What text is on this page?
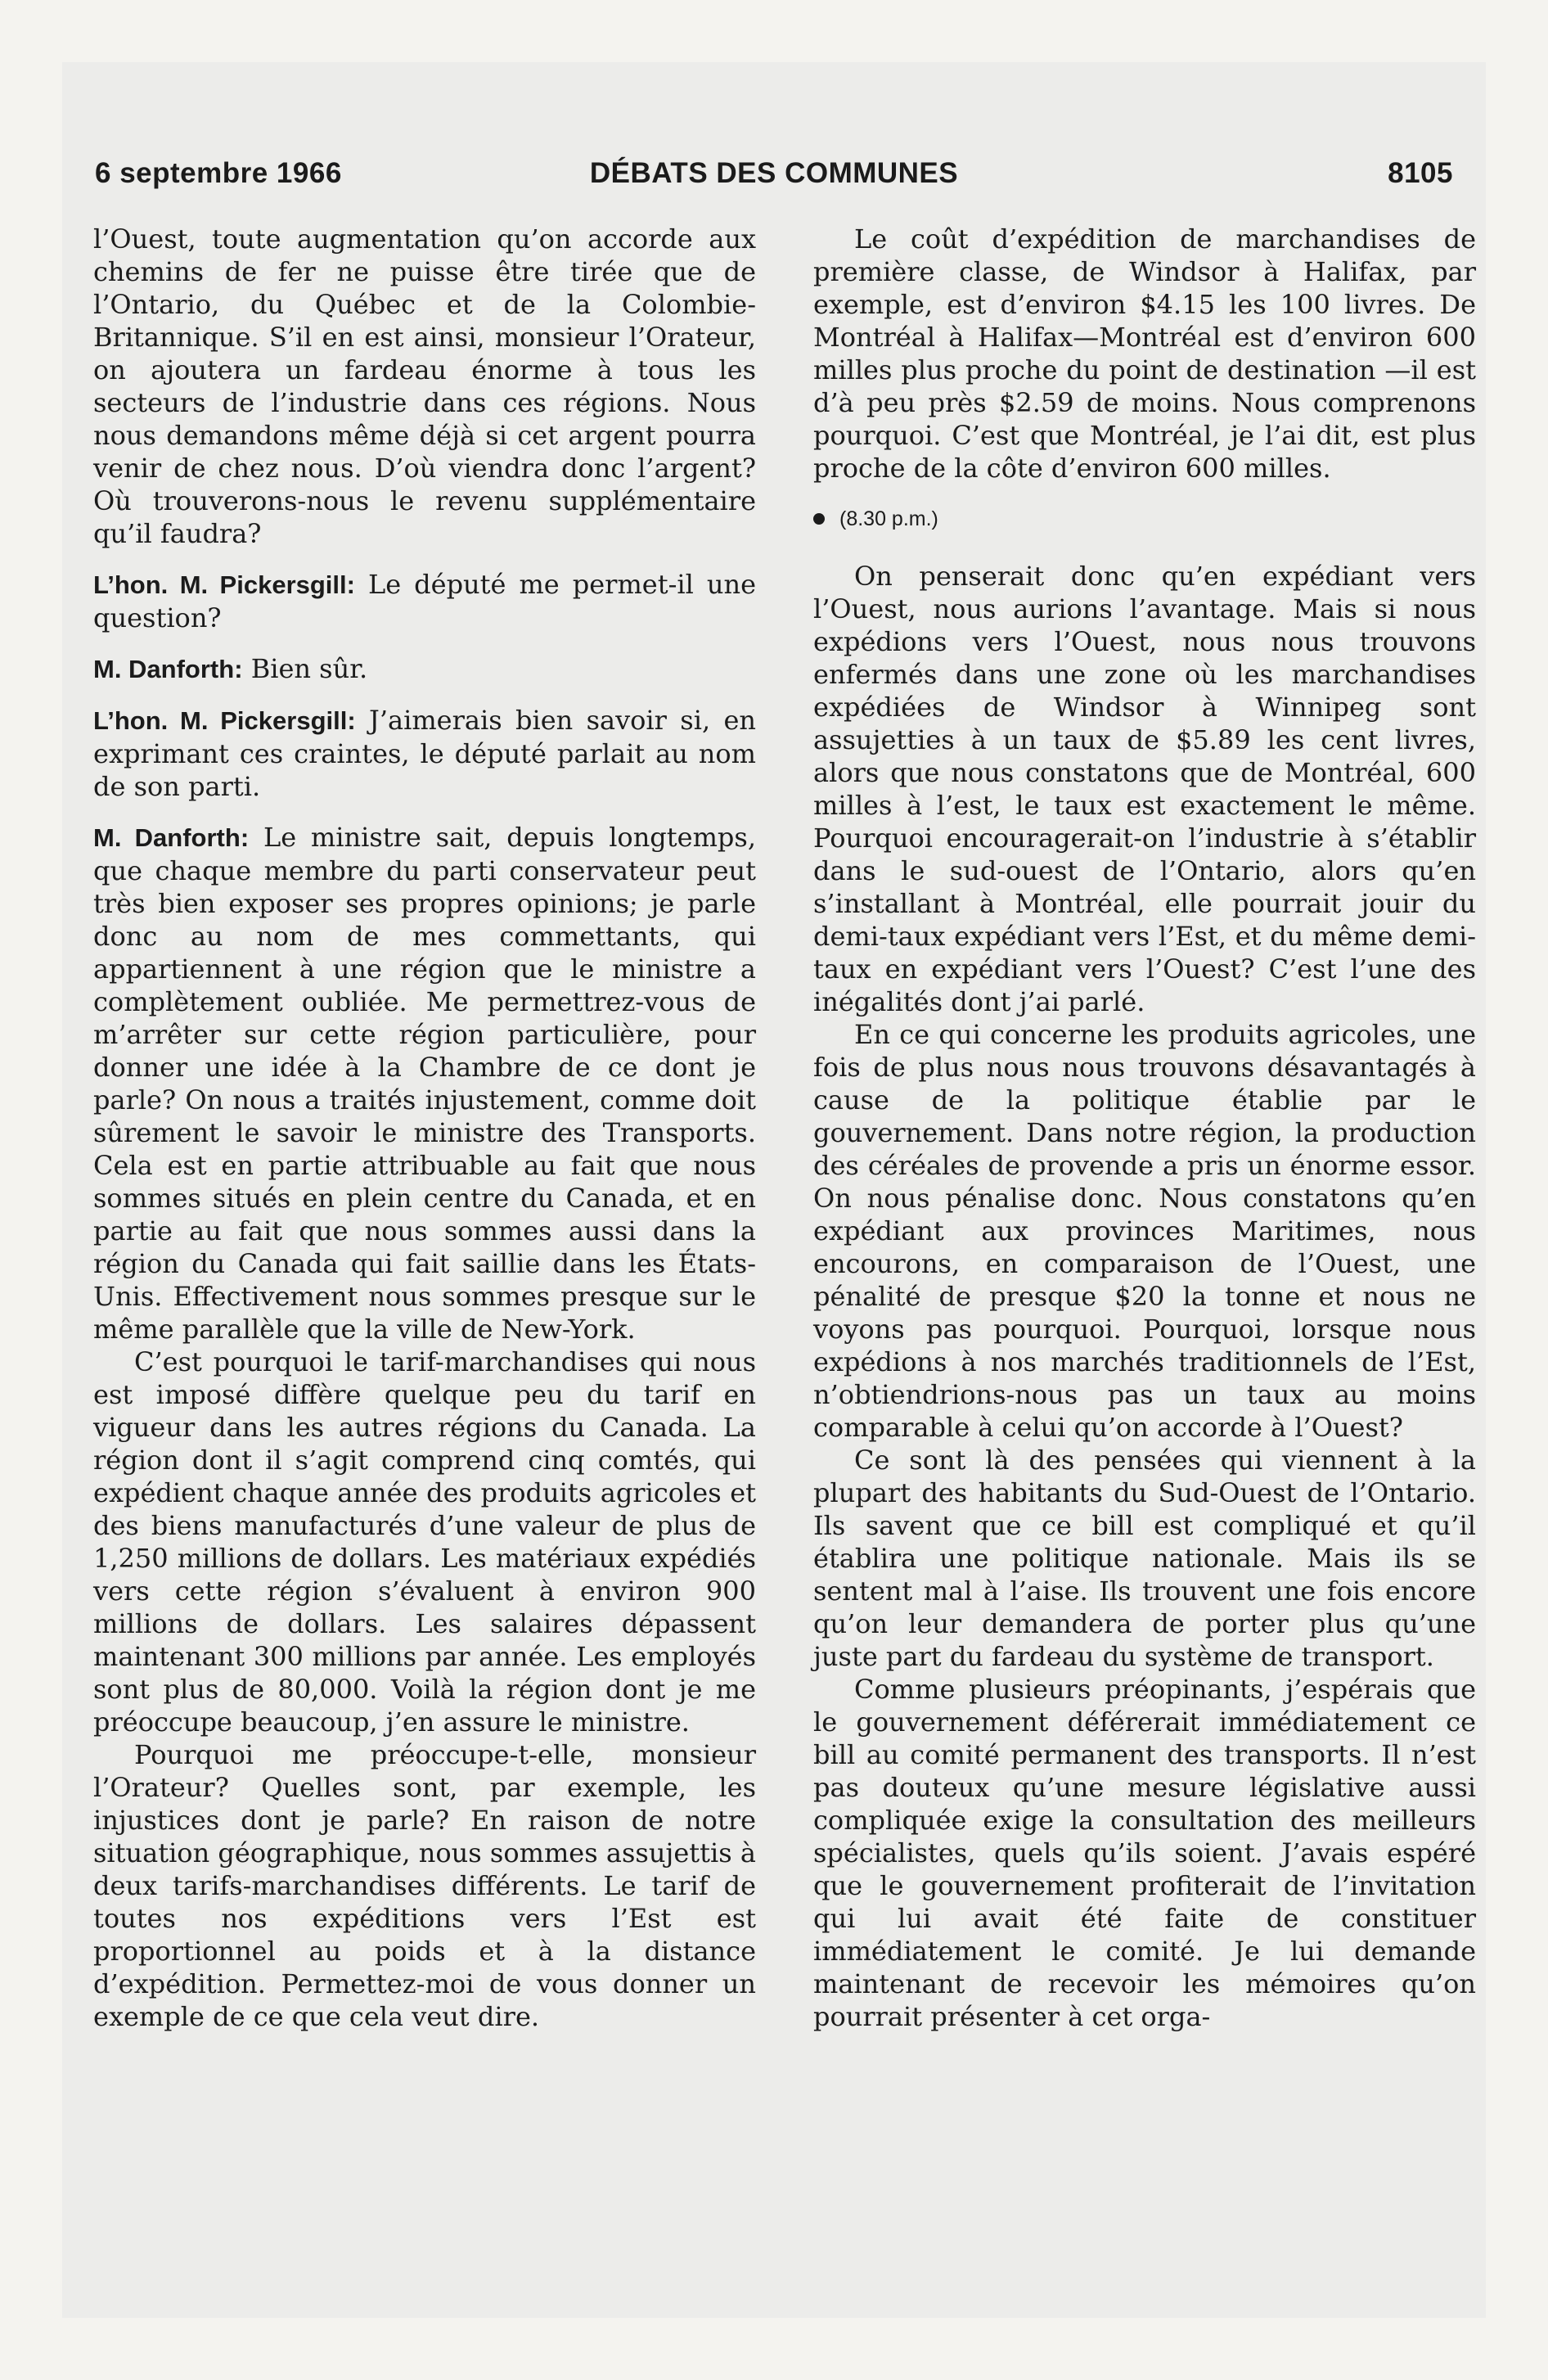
6 septembre 1966	DÉBATS DES COMMUNES	8105

l’Ouest, toute augmentation qu’on accorde aux chemins de fer ne puisse être tirée que de l’Ontario, du Québec et de la Colombie-Britannique. S’il en est ainsi, monsieur l’Orateur, on ajoutera un fardeau énorme à tous les secteurs de l’industrie dans ces régions. Nous nous demandons même déjà si cet argent pourra venir de chez nous. D’où viendra donc l’argent? Où trouverons-nous le revenu supplémentaire qu’il faudra?

L’hon. M. Pickersgill: Le député me permet-il une question?

M. Danforth: Bien sûr.

L’hon. M. Pickersgill: J’aimerais bien savoir si, en exprimant ces craintes, le député parlait au nom de son parti.

M. Danforth: Le ministre sait, depuis longtemps, que chaque membre du parti conservateur peut très bien exposer ses propres opinions; je parle donc au nom de mes commettants, qui appartiennent à une région que le ministre a complètement oubliée. Me permettrez-vous de m’arrêter sur cette région particulière, pour donner une idée à la Chambre de ce dont je parle? On nous a traités injustement, comme doit sûrement le savoir le ministre des Transports. Cela est en partie attribuable au fait que nous sommes situés en plein centre du Canada, et en partie au fait que nous sommes aussi dans la région du Canada qui fait saillie dans les États-Unis. Effectivement nous sommes presque sur le même parallèle que la ville de New-York.

C’est pourquoi le tarif-marchandises qui nous est imposé diffère quelque peu du tarif en vigueur dans les autres régions du Canada. La région dont il s’agit comprend cinq comtés, qui expédient chaque année des produits agricoles et des biens manufacturés d’une valeur de plus de 1,250 millions de dollars. Les matériaux expédiés vers cette région s’évaluent à environ 900 millions de dollars. Les salaires dépassent maintenant 300 millions par année. Les employés sont plus de 80,000. Voilà la région dont je me préoccupe beaucoup, j’en assure le ministre.

Pourquoi me préoccupe-t-elle, monsieur l’Orateur? Quelles sont, par exemple, les injustices dont je parle? En raison de notre situation géographique, nous sommes assujettis à deux tarifs-marchandises différents. Le tarif de toutes nos expéditions vers l’Est est proportionnel au poids et à la distance d’expédition. Permettez-moi de vous donner un exemple de ce que cela veut dire.

Le coût d’expédition de marchandises de première classe, de Windsor à Halifax, par exemple, est d’environ $4.15 les 100 livres. De Montréal à Halifax—Montréal est d’environ 600 milles plus proche du point de destination —il est d’à peu près $2.59 de moins. Nous comprenons pourquoi. C’est que Montréal, je l’ai dit, est plus proche de la côte d’environ 600 milles.

(8.30 p.m.)

On penserait donc qu’en expédiant vers l’Ouest, nous aurions l’avantage. Mais si nous expédions vers l’Ouest, nous nous trouvons enfermés dans une zone où les marchandises expédiées de Windsor à Winnipeg sont assujetties à un taux de $5.89 les cent livres, alors que nous constatons que de Montréal, 600 milles à l’est, le taux est exactement le même. Pourquoi encouragerait-on l’industrie à s’établir dans le sud-ouest de l’Ontario, alors qu’en s’installant à Montréal, elle pourrait jouir du demi-taux expédiant vers l’Est, et du même demi-taux en expédiant vers l’Ouest? C’est l’une des inégalités dont j’ai parlé.

En ce qui concerne les produits agricoles, une fois de plus nous nous trouvons désavantagés à cause de la politique établie par le gouvernement. Dans notre région, la production des céréales de provende a pris un énorme essor. On nous pénalise donc. Nous constatons qu’en expédiant aux provinces Maritimes, nous encourons, en comparaison de l’Ouest, une pénalité de presque $20 la tonne et nous ne voyons pas pourquoi. Pourquoi, lorsque nous expédions à nos marchés traditionnels de l’Est, n’obtiendrions-nous pas un taux au moins comparable à celui qu’on accorde à l’Ouest?

Ce sont là des pensées qui viennent à la plupart des habitants du Sud-Ouest de l’Ontario. Ils savent que ce bill est compliqué et qu’il établira une politique nationale. Mais ils se sentent mal à l’aise. Ils trouvent une fois encore qu’on leur demandera de porter plus qu’une juste part du fardeau du système de transport.

Comme plusieurs préopinants, j’espérais que le gouvernement déférerait immédiatement ce bill au comité permanent des transports. Il n’est pas douteux qu’une mesure législative aussi compliquée exige la consultation des meilleurs spécialistes, quels qu’ils soient. J’avais espéré que le gouvernement profiterait de l’invitation qui lui avait été faite de constituer immédiatement le comité. Je lui demande maintenant de recevoir les mémoires qu’on pourrait présenter à cet orga-
